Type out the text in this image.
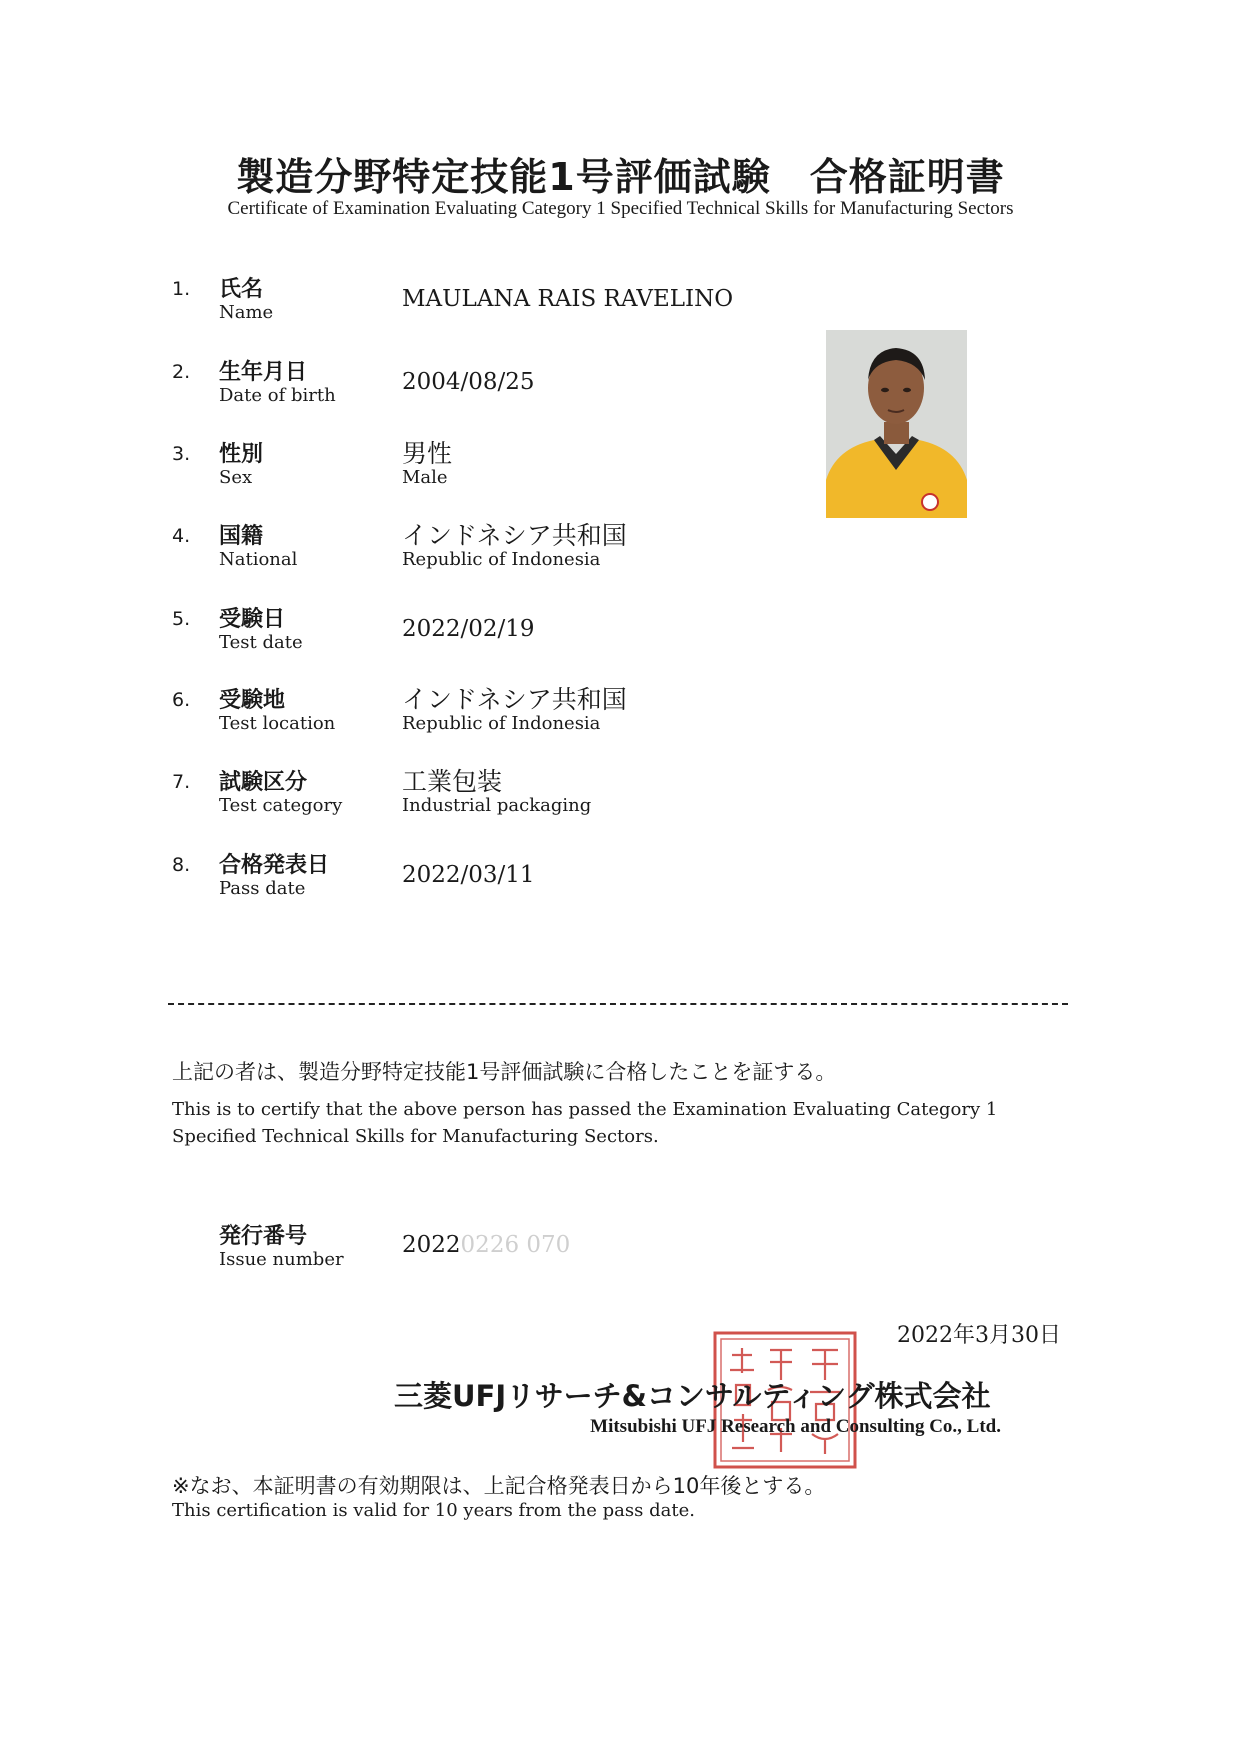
製造分野特定技能1号評価試験　合格証明書
Certificate of Examination Evaluating Category 1 Specified Technical Skills for Manufacturing Sectors
1. 氏名
Name
MAULANA RAIS RAVELINO
2. 生年月日
Date of birth
2004/08/25
3. 性別
Sex
男性
Male
4. 国籍
National
インドネシア共和国
Republic of Indonesia
5. 受験日
Test date
2022/02/19
6. 受験地
Test location
インドネシア共和国
Republic of Indonesia
7. 試験区分
Test category
工業包装
Industrial packaging
8. 合格発表日
Pass date
2022/03/11
上記の者は、製造分野特定技能1号評価試験に合格したことを証する。
This is to certify that the above person has passed the Examination Evaluating Category 1 Specified Technical Skills for Manufacturing Sectors.
発行番号
Issue number
20220226 070
2022年3月30日
三菱UFJリサーチ&コンサルティング株式会社
Mitsubishi UFJ Research and Consulting Co., Ltd.
※なお、本証明書の有効期限は、上記合格発表日から10年後とする。
This certification is valid for 10 years from the pass date.
